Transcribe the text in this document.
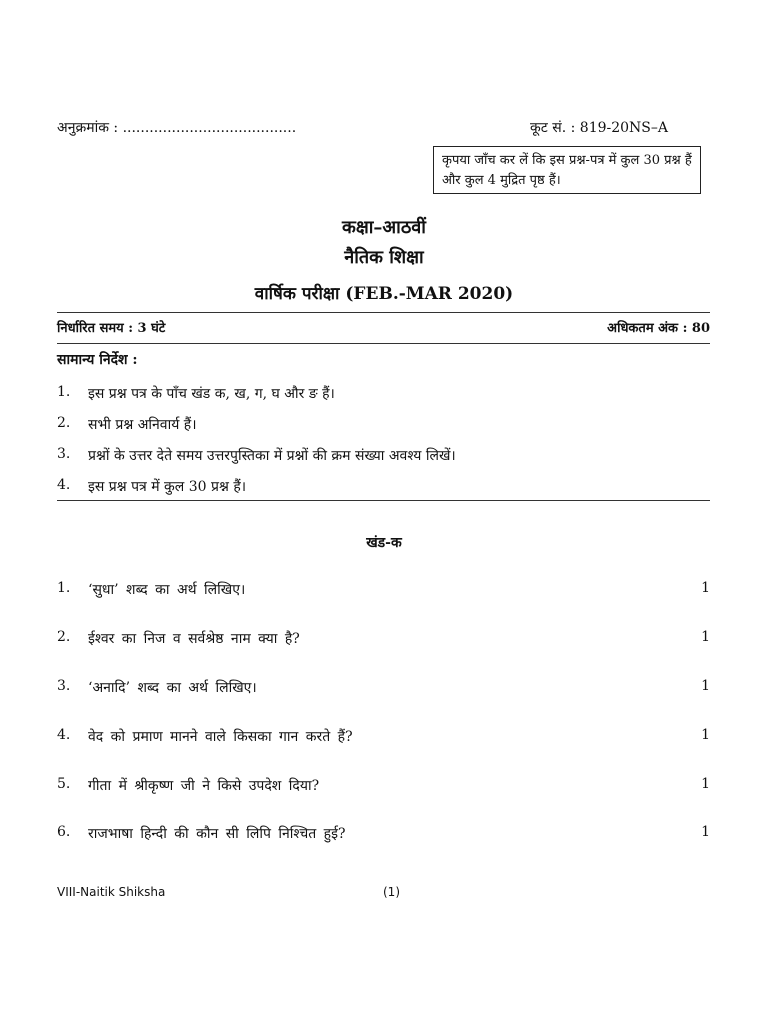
अनुक्रमांक : .......................................	कूट सं. : 819-20NS–A
कृपया जाँच कर लें कि इस प्रश्न-पत्र में कुल 30 प्रश्न हैं और कुल 4 मुद्रित पृष्ठ हैं।
कक्षा–आठवीं
नैतिक शिक्षा
वार्षिक परीक्षा (FEB.-MAR 2020)
निर्धारित समय : 3 घंटे	अधिकतम अंक : 80
सामान्य निर्देश :
1.	इस प्रश्न पत्र के पाँच खंड क, ख, ग, घ और ङ हैं।
2.	सभी प्रश्न अनिवार्य हैं।
3.	प्रश्नों के उत्तर देते समय उत्तरपुस्तिका में प्रश्नों की क्रम संख्या अवश्य लिखें।
4.	इस प्रश्न पत्र में कुल 30 प्रश्न हैं।
खंड-क
1. ‘सुधा’ शब्द का अर्थ लिखिए।	1
2. ईश्वर का निज व सर्वश्रेष्ठ नाम क्या है?	1
3. ‘अनादि’ शब्द का अर्थ लिखिए।	1
4. वेद को प्रमाण मानने वाले किसका गान करते हैं?	1
5. गीता में श्रीकृष्ण जी ने किसे उपदेश दिया?	1
6. राजभाषा हिन्दी की कौन सी लिपि निश्चित हुई?	1
VIII-Naitik Shiksha	(1)
